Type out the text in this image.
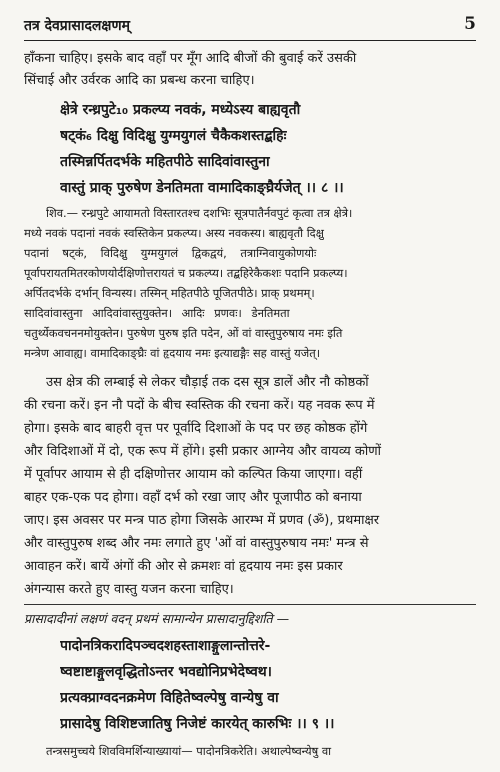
तत्र देवप्रासादलक्षणम्	5
हाँकना चाहिए। इसके बाद वहाँ पर मूँग आदि बीजों की बुवाई करें उसकी
सिंचाई और उर्वरक आदि का प्रबन्ध करना चाहिए।
क्षेत्रे रन्ध्रपुटे₁₀ प्रकल्प्य नवकं, मध्येऽस्य बाह्यवृतौ
षट्कं₆ दिक्षु विदिक्षु युग्मयुगलं चैकैकशस्तद्बहिः
तस्मिन्नर्पितदर्भके महितपीठे सादिवांवास्तुना
वास्तुं प्राक् पुरुषेण डेनतिमता वामादिकाङ्घ्रैर्यजेत् ।। ८ ।।
शिव.— रन्ध्रपुटे आयामतो विस्तारतश्च दशभिः सूत्रपातैर्नवपुटं कृत्वा तत्र क्षेत्रे।
मध्ये नवकं पदानां नवकं स्वस्तिकेन प्रकल्प्य। अस्य नवकस्य। बाह्यवृतौ दिक्षु
पदानां षट्कं, विदिक्षु युग्मयुगलं द्विकद्वयं, तत्राग्निवायुकोणयोः
पूर्वापरायतमितरकोणयोर्दक्षिणोत्तरायतं च प्रकल्प्य। तद्बहिरेकैकशः पदानि प्रकल्प्य।
अर्पितदर्भके दर्भान् विन्यस्य। तस्मिन् महितपीठे पूजितपीठे। प्राक् प्रथमम्।
सादिवांवास्तुना आदिवांवास्तुयुक्तेन। आदिः प्रणवः। डेनतिमता
चतुर्थ्येकवचननमोयुक्तेन। पुरुषेण पुरुष इति पदेन, ओं वां वास्तुपुरुषाय नमः इति
मन्त्रेण आवाह्य। वामादिकाङ्घ्रैः वां हृदयाय नमः इत्याद्यङ्गैः सह वास्तुं यजेत्।
उस क्षेत्र की लम्बाई से लेकर चौड़ाई तक दस सूत्र डालें और नौ कोष्ठकों
की रचना करें। इन नौ पदों के बीच स्वस्तिक की रचना करें। यह नवक रूप में
होगा। इसके बाद बाहरी वृत्त पर पूर्वादि दिशाओं के पद पर छह कोष्ठक होंगे
और विदिशाओं में दो, एक रूप में होंगे। इसी प्रकार आग्नेय और वायव्य कोणों
में पूर्वापर आयाम से ही दक्षिणोत्तर आयाम को कल्पित किया जाएगा। वहीं
बाहर एक-एक पद होगा। वहाँ दर्भ को रखा जाए और पूजापीठ को बनाया
जाए। इस अवसर पर मन्त्र पाठ होगा जिसके आरम्भ में प्रणव (ॐ), प्रथमाक्षर
और वास्तुपुरुष शब्द और नमः लगाते हुए 'ओं वां वास्तुपुरुषाय नमः' मन्त्र से
आवाहन करें। बायें अंगों की ओर से क्रमशः वां हृदयाय नमः इस प्रकार
अंगन्यास करते हुए वास्तु यजन करना चाहिए।
प्रासादादीनां लक्षणं वदन् प्रथमं सामान्येन प्रासादानुद्दिशति —
पादोनत्रिकरादिपञ्चदशहस्ताशाङ्गुलान्तोत्तरे-
ष्वष्टाष्टाङ्गुलवृद्धितोऽन्तर भवद्योनिप्रभेदेष्वथ।
प्रत्यक्प्राग्वदनक्रमेण विहितेष्वल्पेषु वान्येषु वा
प्रासादेषु विशिष्टजातिषु निजेष्टं कारयेत् कारुभिः ।। ९ ।।
तन्त्रसमुच्चये शिवविमर्शिन्याख्यायां— पादोनत्रिकरेति। अथाल्पेष्वन्येषु वा
